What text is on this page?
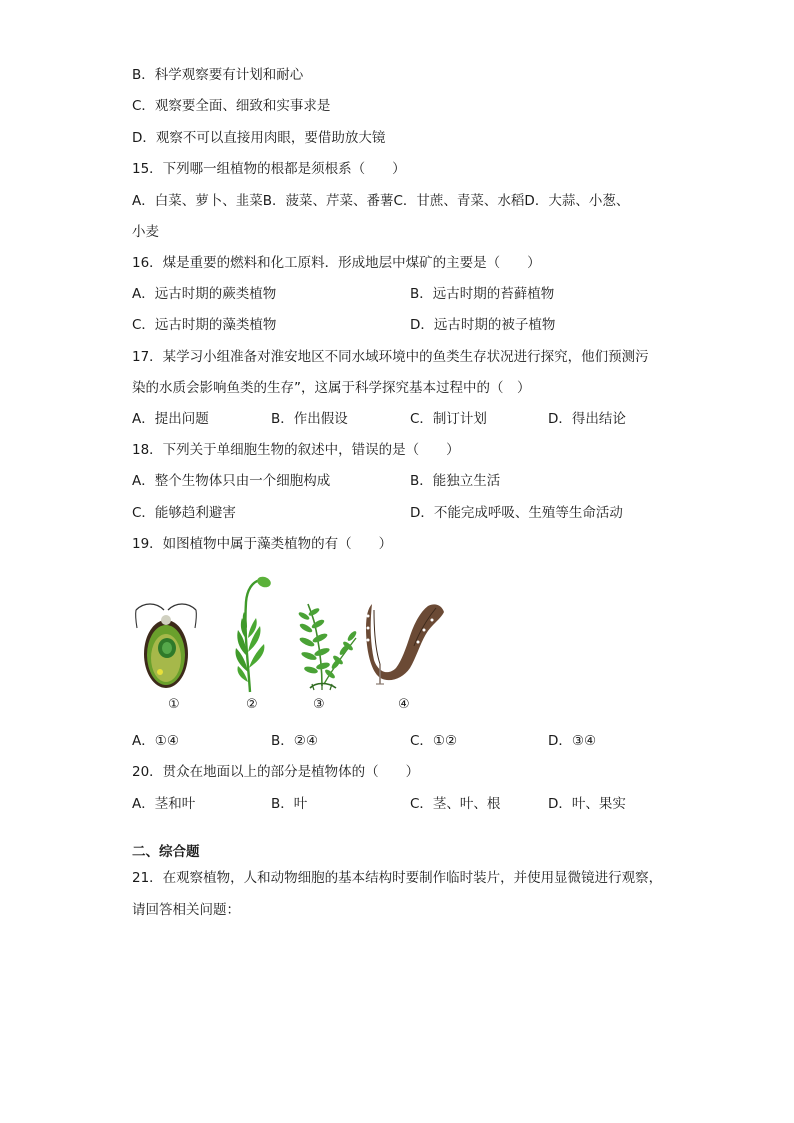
B．科学观察要有计划和耐心
C．观察要全面、细致和实事求是
D．观察不可以直接用肉眼，要借助放大镜
15．下列哪一组植物的根都是须根系（　　）
A．白菜、萝卜、韭菜B．菠菜、芹菜、番薯C．甘蔗、青菜、水稻D．大蒜、小葱、
小麦
16．煤是重要的燃料和化工原料．形成地层中煤矿的主要是（　　）
A．远古时期的蕨类植物	B．远古时期的苔藓植物
C．远古时期的藻类植物	D．远古时期的被子植物
17．某学习小组准备对淮安地区不同水域环境中的鱼类生存状况进行探究，他们预测污
染的水质会影响鱼类的生存”，这属于科学探究基本过程中的（　）
A．提出问题	B．作出假设	C．制订计划	D．得出结论
18．下列关于单细胞生物的叙述中，错误的是（　　）
A．整个生物体只由一个细胞构成	B．能独立生活
C．能够趋利避害	D．不能完成呼吸、生殖等生命活动
19．如图植物中属于藻类植物的有（　　）
①	②	③	④
A．①④	B．②④	C．①②	D．③④
20．贯众在地面以上的部分是植物体的（　　）
A．茎和叶	B．叶	C．茎、叶、根	D．叶、果实
二、综合题
21．在观察植物，人和动物细胞的基本结构时要制作临时装片，并使用显微镜进行观察，
请回答相关问题：
